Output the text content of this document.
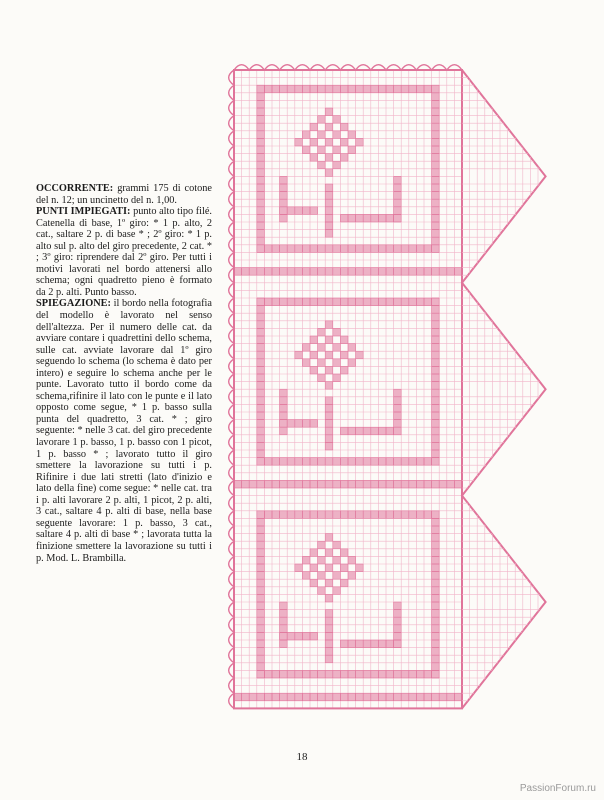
OCCORRENTE: grammi 175 di cotone del n. 12; un uncinetto del n. 1,00.

PUNTI IMPIEGATI: punto alto tipo filé. Catenella di base, 1º giro: * 1 p. alto, 2 cat., saltare 2 p. di base * ; 2º giro: * 1 p. alto sul p. alto del giro precedente, 2 cat. * ; 3º giro: riprendere dal 2º giro. Per tutti i motivi lavorati nel bordo attenersi allo schema; ogni quadretto pieno è formato da 2 p. alti. Punto basso.

SPIEGAZIONE: il bordo nella fotografia del modello è lavorato nel senso dell'altezza. Per il numero delle cat. da avviare contare i quadrettini dello schema, sulle cat. avviate lavorare dal 1º giro seguendo lo schema (lo schema è dato per intero) e seguire lo schema anche per le punte. Lavorato tutto il bordo come da schema,rifinire il lato con le punte e il lato opposto come segue, * 1 p. basso sulla punta del quadretto, 3 cat. * ; giro seguente: * nelle 3 cat. del giro precedente lavorare 1 p. basso, 1 p. basso con 1 picot, 1 p. basso * ; lavorato tutto il giro smettere la lavorazione su tutti i p. Rifinire i due lati stretti (lato d'inizio e lato della fine) come segue: * nelle cat. tra i p. alti lavorare 2 p. alti, 1 picot, 2 p. alti, 3 cat., saltare 4 p. alti di base, nella base seguente lavorare: 1 p. basso, 3 cat., saltare 4 p. alti di base * ; lavorata tutta la finizione smettere la lavorazione su tutti i p. Mod. L. Brambilla.

18
PassionForum.ru
